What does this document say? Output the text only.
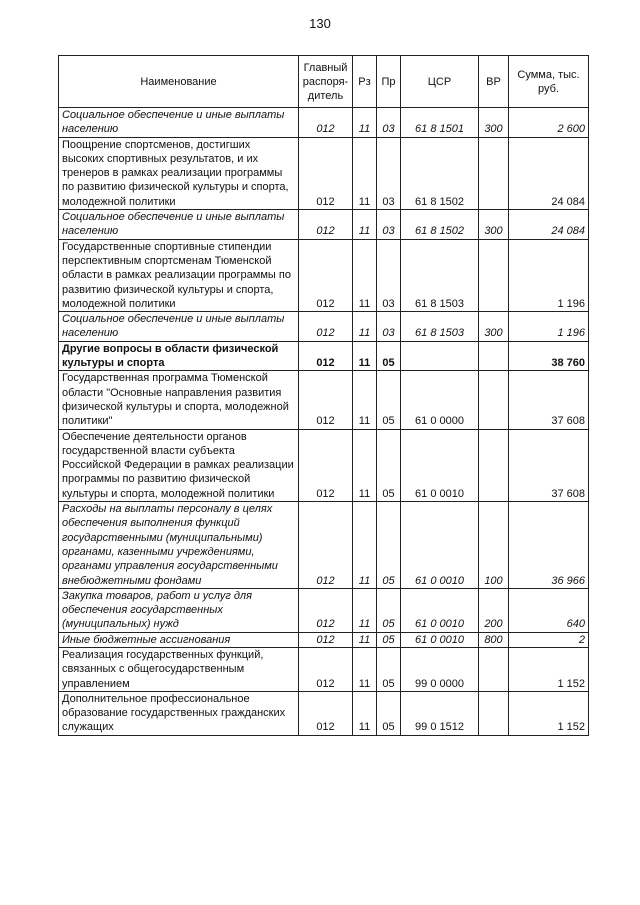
130
Наименование	Главный распоря-дитель	Рз	Пр	ЦСР	ВР	Сумма, тыс. руб.
Социальное обеспечение и иные выплаты населению	012	11	03	61 8 1501	300	2 600
Поощрение спортсменов, достигших высоких спортивных результатов, и их тренеров в рамках реализации программы по развитию физической культуры и спорта, молодежной политики	012	11	03	61 8 1502		24 084
Социальное обеспечение и иные выплаты населению	012	11	03	61 8 1502	300	24 084
Государственные спортивные стипендии перспективным спортсменам Тюменской области в рамках реализации программы по развитию физической культуры и спорта, молодежной политики	012	11	03	61 8 1503		1 196
Социальное обеспечение и иные выплаты населению	012	11	03	61 8 1503	300	1 196
Другие вопросы в области физической культуры и спорта	012	11	05			38 760
Государственная программа Тюменской области "Основные направления развития физической культуры и спорта, молодежной политики"	012	11	05	61 0 0000		37 608
Обеспечение деятельности органов государственной власти субъекта Российской Федерации в рамках реализации программы по развитию физической культуры и спорта, молодежной политики	012	11	05	61 0 0010		37 608
Расходы на выплаты персоналу в целях обеспечения выполнения функций государственными (муниципальными) органами, казенными учреждениями, органами управления государственными внебюджетными фондами	012	11	05	61 0 0010	100	36 966
Закупка товаров, работ и услуг для обеспечения государственных (муниципальных) нужд	012	11	05	61 0 0010	200	640
Иные бюджетные ассигнования	012	11	05	61 0 0010	800	2
Реализация государственных функций, связанных с общегосударственным управлением	012	11	05	99 0 0000		1 152
Дополнительное профессиональное образование государственных гражданских служащих	012	11	05	99 0 1512		1 152
